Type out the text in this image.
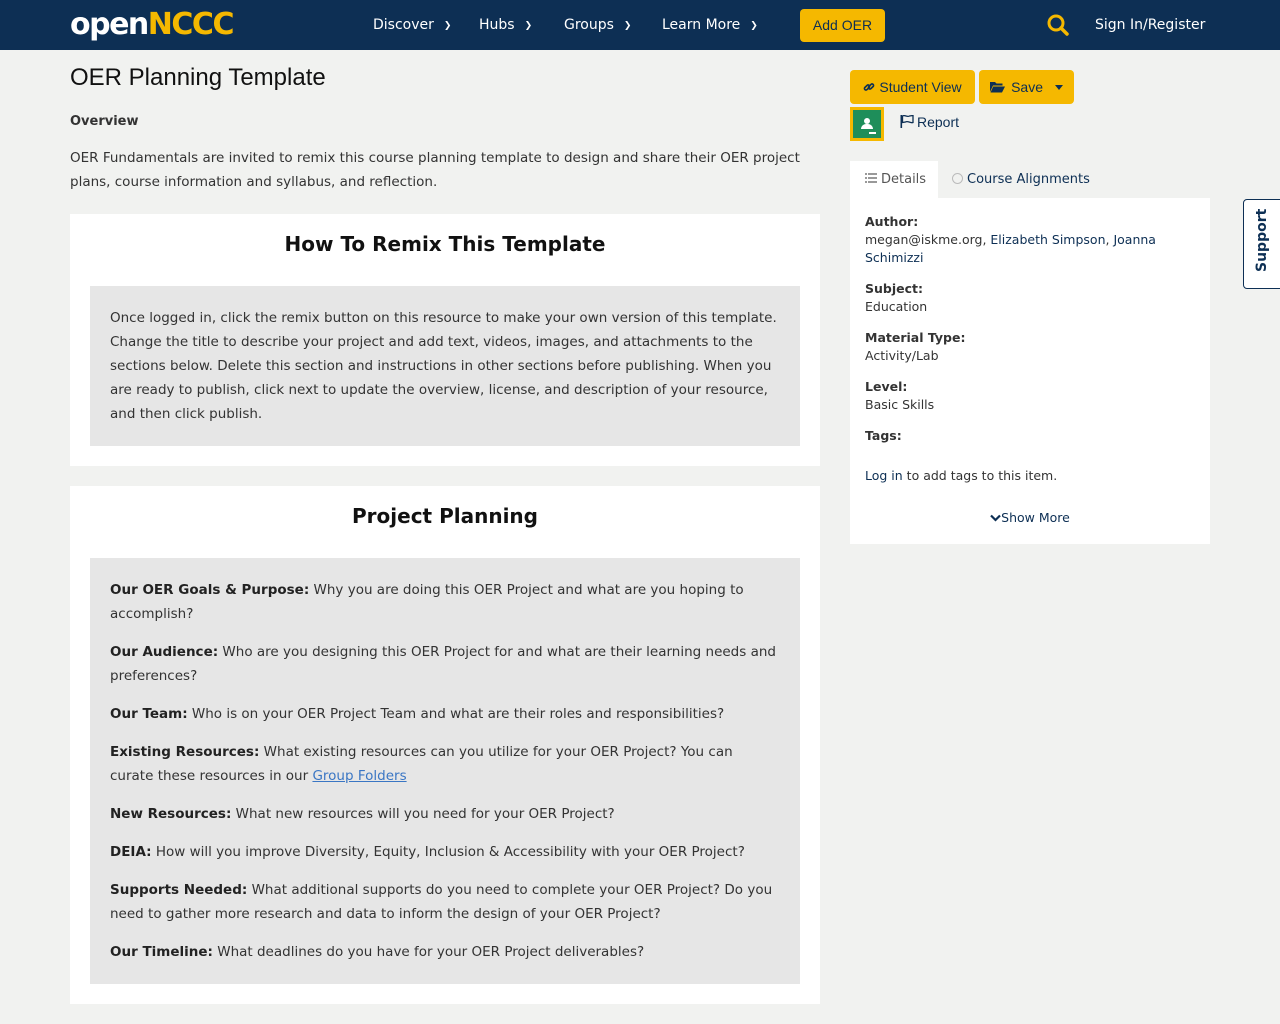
openNCCC	Discover ❯ Hubs ❯ Groups ❯ Learn More ❯	Add OER	Sign In/Register
OER Planning Template
Overview
OER Fundamentals are invited to remix this course planning template to design and share their OER project plans, course information and syllabus, and reflection.
How To Remix This Template

Once logged in, click the remix button on this resource to make your own version of this template. Change the title to describe your project and add text, videos, images, and attachments to the sections below. Delete this section and instructions in other sections before publishing. When you are ready to publish, click next to update the overview, license, and description of your resource, and then click publish.

Project Planning

Our OER Goals & Purpose: Why you are doing this OER Project and what are you hoping to accomplish?

Our Audience: Who are you designing this OER Project for and what are their learning needs and preferences?

Our Team: Who is on your OER Project Team and what are their roles and responsibilities?

Existing Resources: What existing resources can you utilize for your OER Project? You can curate these resources in our Group Folders

New Resources: What new resources will you need for your OER Project?

DEIA: How will you improve Diversity, Equity, Inclusion & Accessibility with your OER Project?

Supports Needed: What additional supports do you need to complete your OER Project? Do you need to gather more research and data to inform the design of your OER Project?

Our Timeline: What deadlines do you have for your OER Project deliverables?

Student View	Save
Report
Details	Course Alignments
Author:
megan@iskme.org, Elizabeth Simpson, Joanna Schimizzi
Subject:
Education
Material Type:
Activity/Lab
Level:
Basic Skills
Tags:
Log in to add tags to this item.
Show More
Support
